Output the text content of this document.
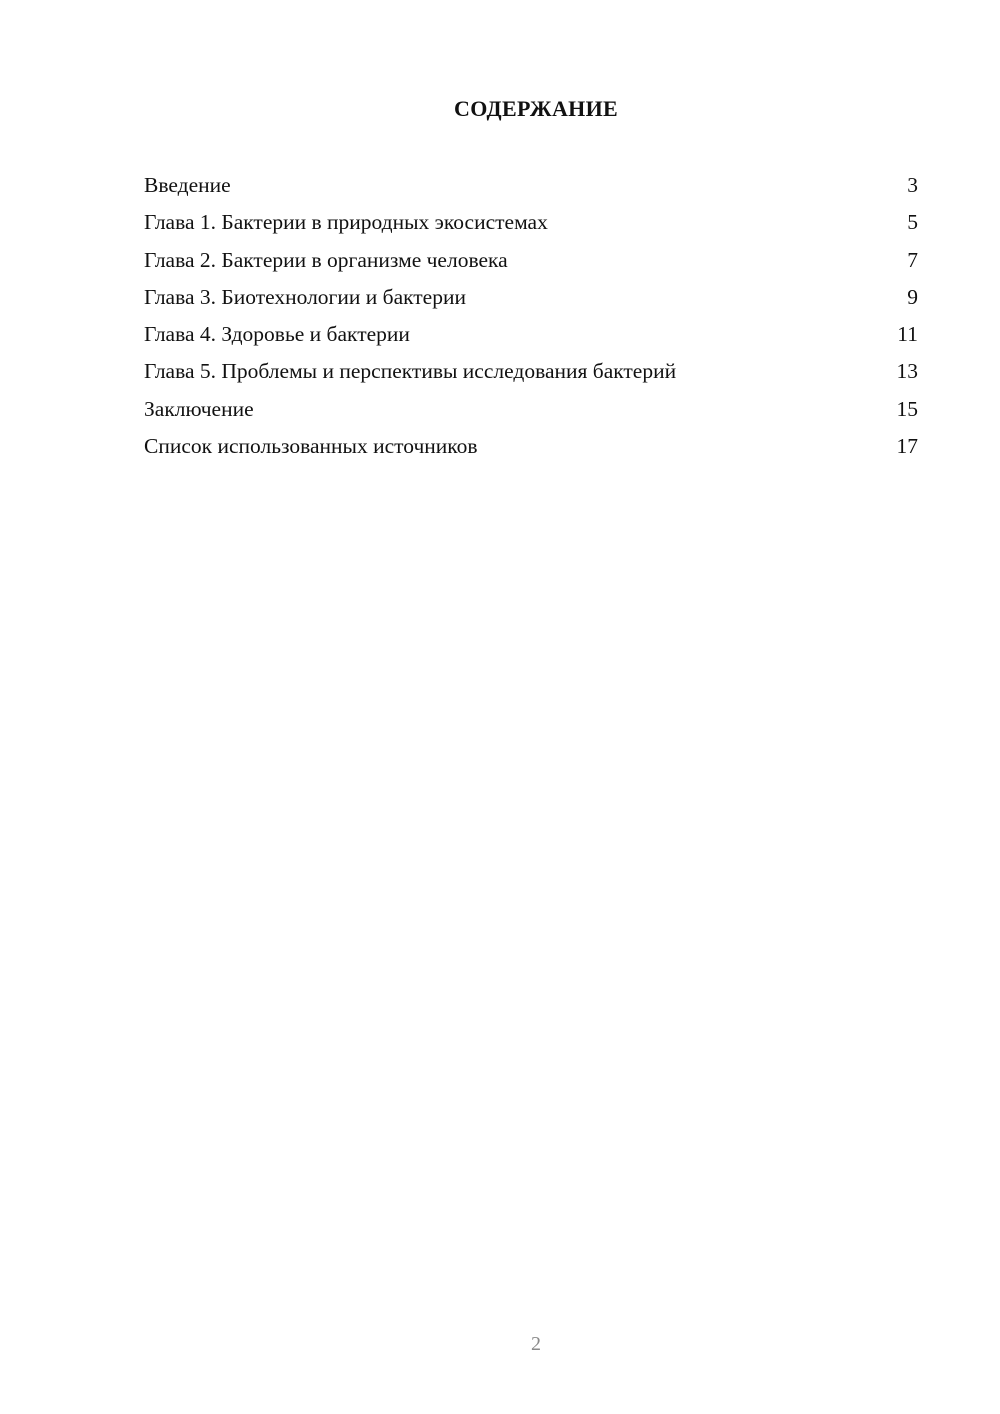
СОДЕРЖАНИЕ
Введение	3
Глава 1. Бактерии в природных экосистемах	5
Глава 2. Бактерии в организме человека	7
Глава 3. Биотехнологии и бактерии	9
Глава 4. Здоровье и бактерии	11
Глава 5. Проблемы и перспективы исследования бактерий	13
Заключение	15
Список использованных источников	17
2
